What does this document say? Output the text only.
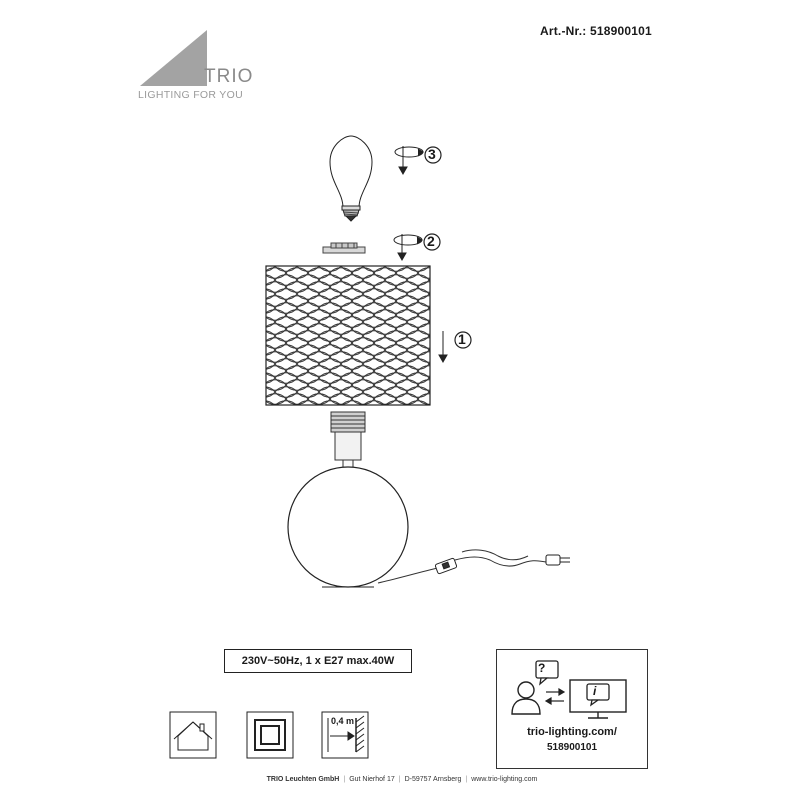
Art.-Nr.: 518900101
TRIO
LIGHTING FOR YOU
3
2
1
230V~50Hz, 1 x E27 max.40W
0,4 m
?
i
trio-lighting.com/
518900101
TRIO Leuchten GmbH | Gut Nierhof 17 | D-59757 Arnsberg | www.trio-lighting.com
